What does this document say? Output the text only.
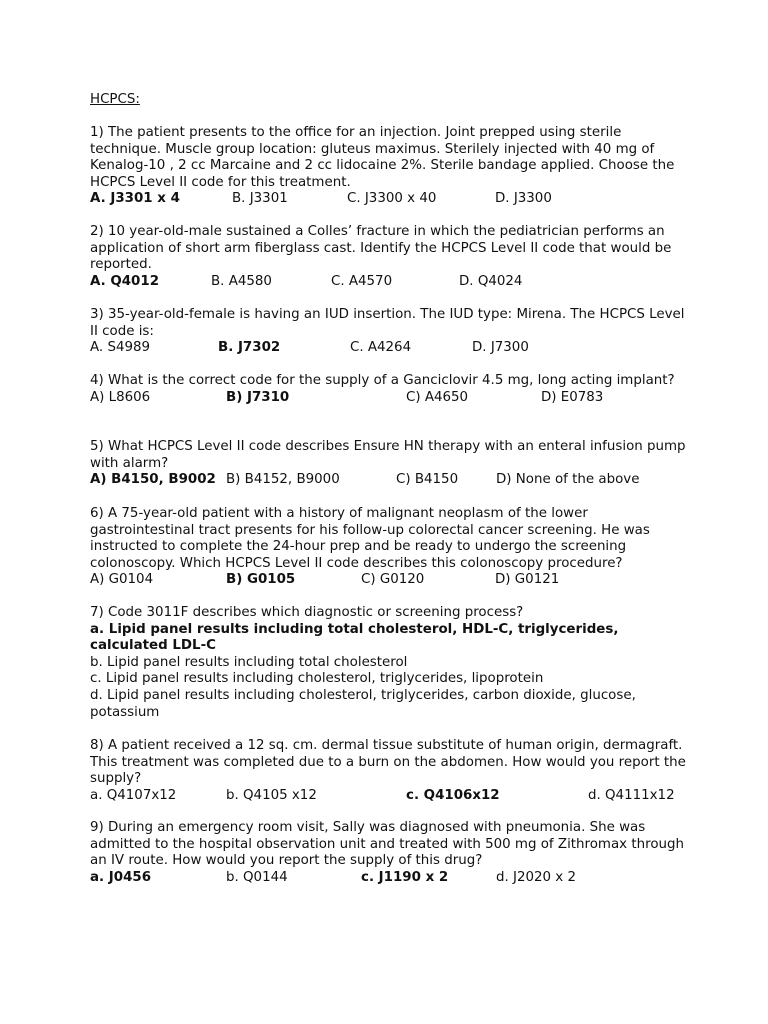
HCPCS:

1) The patient presents to the office for an injection. Joint prepped using sterile technique. Muscle group location: gluteus maximus. Sterilely injected with 40 mg of Kenalog-10 , 2 cc Marcaine and 2 cc lidocaine 2%. Sterile bandage applied. Choose the HCPCS Level II code for this treatment.

A. J3301 x 4	B. J3301	C. J3300 x 40	D. J3300

2) 10 year-old-male sustained a Colles’ fracture in which the pediatrician performs an application of short arm fiberglass cast. Identify the HCPCS Level II code that would be reported.

A. Q4012	B. A4580	C. A4570	D. Q4024

3) 35-year-old-female is having an IUD insertion. The IUD type: Mirena. The HCPCS Level II code is:

A. S4989	B. J7302	C. A4264	D. J7300

4) What is the correct code for the supply of a Ganciclovir 4.5 mg, long acting implant?

A) L8606	B) J7310	C) A4650	D) E0783

5) What HCPCS Level II code describes Ensure HN therapy with an enteral infusion pump with alarm?

A) B4150, B9002 B) B4152, B9000	C) B4150	D) None of the above

6) A 75-year-old patient with a history of malignant neoplasm of the lower gastrointestinal tract presents for his follow-up colorectal cancer screening. He was instructed to complete the 24-hour prep and be ready to undergo the screening colonoscopy. Which HCPCS Level II code describes this colonoscopy procedure?

A) G0104	B) G0105	C) G0120	D) G0121

7) Code 3011F describes which diagnostic or screening process?

a. Lipid panel results including total cholesterol, HDL-C, triglycerides, calculated LDL-C
b. Lipid panel results including total cholesterol
c. Lipid panel results including cholesterol, triglycerides, lipoprotein
d. Lipid panel results including cholesterol, triglycerides, carbon dioxide, glucose, potassium

8) A patient received a 12 sq. cm. dermal tissue substitute of human origin, dermagraft. This treatment was completed due to a burn on the abdomen. How would you report the supply?

a. Q4107x12	b. Q4105 x12	c. Q4106x12	d. Q4111x12

9) During an emergency room visit, Sally was diagnosed with pneumonia. She was admitted to the hospital observation unit and treated with 500 mg of Zithromax through an IV route. How would you report the supply of this drug?

a. J0456	b. Q0144	c. J1190 x 2	d. J2020 x 2
